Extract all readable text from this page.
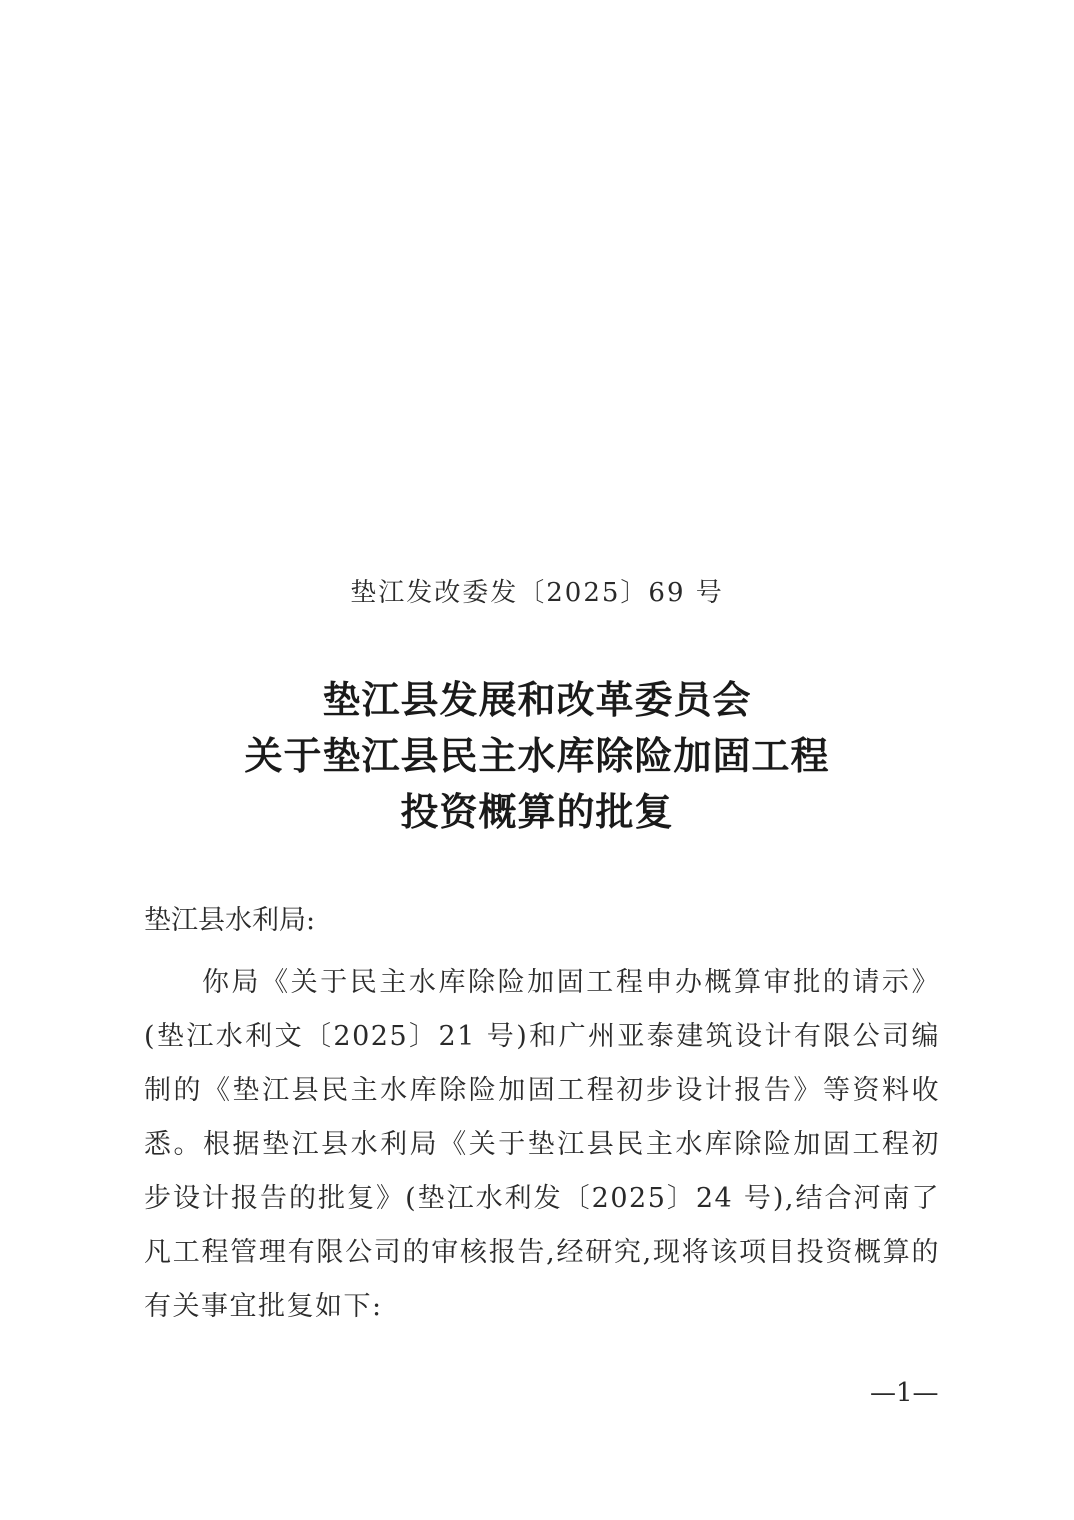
垫江发改委发〔2025〕69 号
垫江县发展和改革委员会
关于垫江县民主水库除险加固工程
投资概算的批复
垫江县水利局:
你局《关于民主水库除险加固工程申办概算审批的请示》(垫江水利文〔2025〕21 号)和广州亚泰建筑设计有限公司编制的《垫江县民主水库除险加固工程初步设计报告》等资料收悉。根据垫江县水利局《关于垫江县民主水库除险加固工程初步设计报告的批复》(垫江水利发〔2025〕24 号),结合河南了凡工程管理有限公司的审核报告,经研究,现将该项目投资概算的有关事宜批复如下:
—1—
